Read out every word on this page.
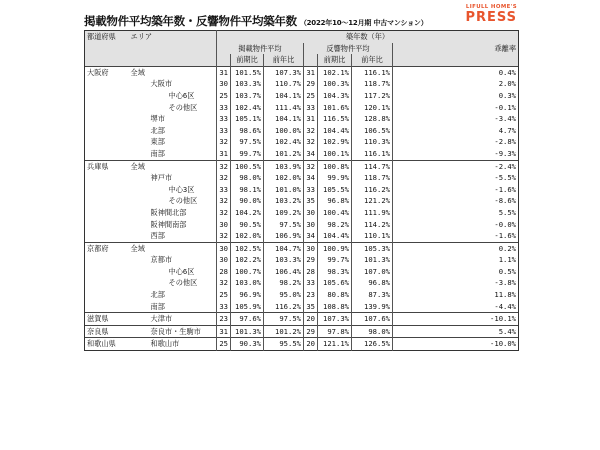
掲載物件平均築年数・反響物件平均築年数 （2022年10～12月期 中古マンション）
LIFULL HOME'S
PRESS
都道府県	エリア	築年数（年）							
		掲載物件平均			反響物件平均			乖離率	
			前期比	前年比		前期比	前年比		
大阪府	全域	31	101.5%	107.3%	31	102.1%	116.1%		0.4%
	大阪市	30	103.3%	110.7%	29	100.3%	118.7%		2.0%
	中心6区	25	103.7%	104.1%	25	104.3%	117.2%		0.3%
	その他区	33	102.4%	111.4%	33	101.6%	120.1%		-0.1%
	堺市	33	105.1%	104.1%	31	116.5%	128.8%		-3.4%
	北部	33	98.6%	100.0%	32	104.4%	106.5%		4.7%
	東部	32	97.5%	102.4%	32	102.9%	110.3%		-2.8%
	南部	31	99.7%	101.2%	34	100.1%	116.1%		-9.3%
兵庫県	全域	32	100.5%	103.9%	32	100.8%	114.7%		-2.4%
	神戸市	32	98.0%	102.0%	34	99.9%	118.7%		-5.5%
	中心3区	33	98.1%	101.0%	33	105.5%	116.2%		-1.6%
	その他区	32	90.0%	103.2%	35	96.8%	121.2%		-8.6%
	阪神間北部	32	104.2%	109.2%	30	100.4%	111.9%		5.5%
	阪神間南部	30	90.5%	97.5%	30	98.2%	114.2%		-0.0%
	西部	32	102.0%	106.9%	34	104.4%	110.1%		-1.6%
京都府	全域	30	102.5%	104.7%	30	100.9%	105.3%		0.2%
	京都市	30	102.2%	103.3%	29	99.7%	101.3%		1.1%
	中心6区	28	100.7%	106.4%	28	98.3%	107.0%		0.5%
	その他区	32	103.0%	98.2%	33	105.6%	96.8%		-3.8%
	北部	25	96.9%	95.0%	23	80.8%	87.3%		11.8%
	南部	33	105.9%	116.2%	35	108.8%	139.9%		-4.4%
滋賀県	大津市	23	97.6%	97.5%	20	107.3%	107.6%		-10.1%
奈良県	奈良市・生駒市	31	101.3%	101.2%	29	97.8%	98.0%		5.4%
和歌山県	和歌山市	25	90.3%	95.5%	20	121.1%	126.5%		-10.0%
